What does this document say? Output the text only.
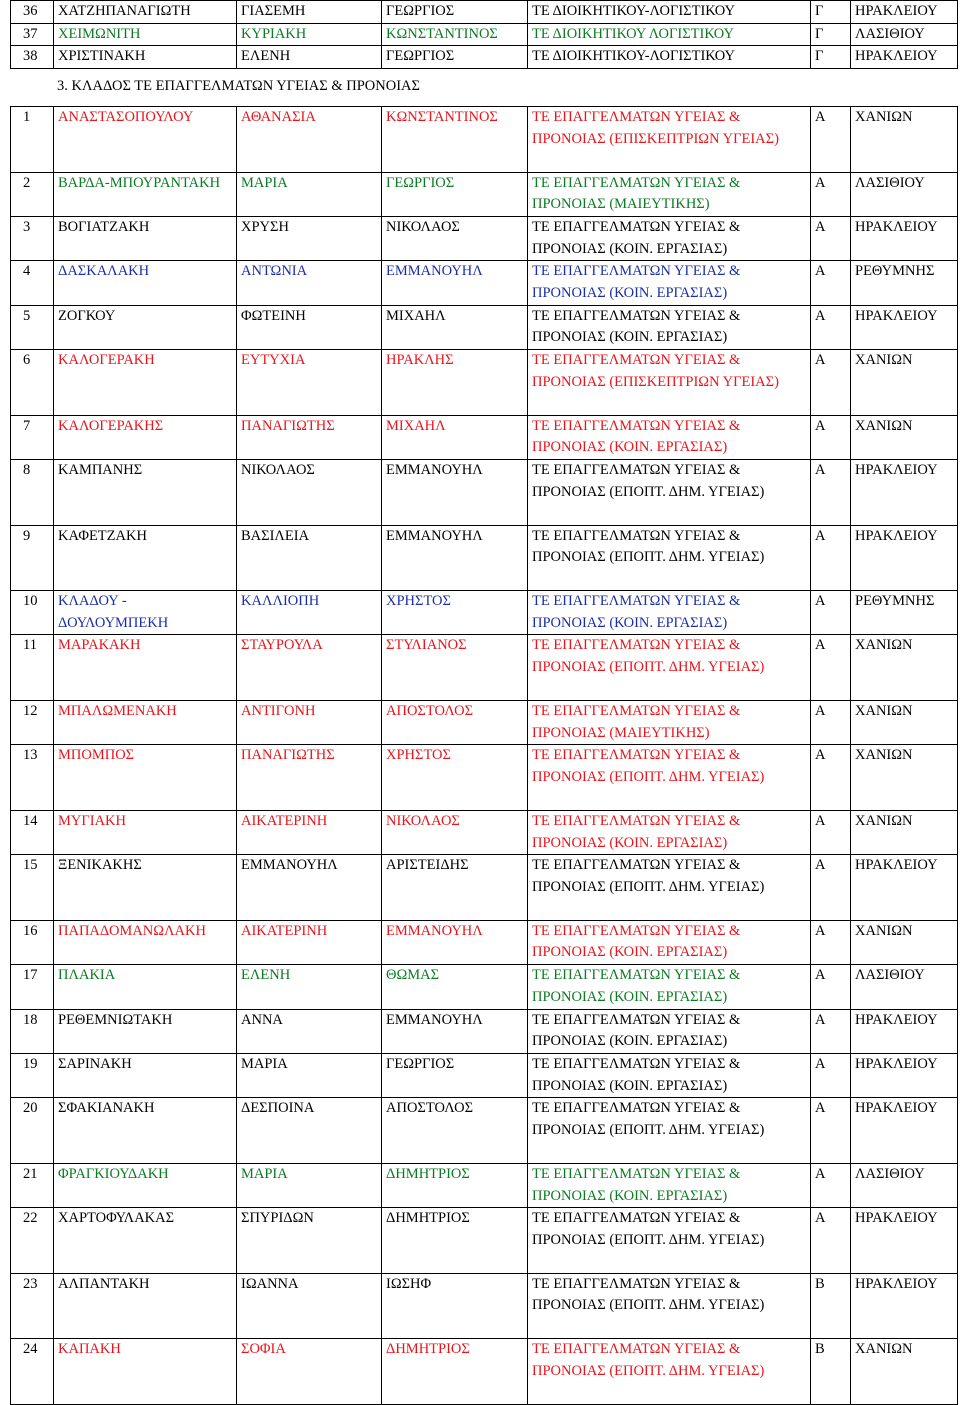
36	ΧΑΤΖΗΠΑΝΑΓΙΩΤΗ	ΓΙΑΣΕΜΗ	ΓΕΩΡΓΙΟΣ	ΤΕ ΔΙΟΙΚΗΤΙΚΟΥ-ΛΟΓΙΣΤΙΚΟΥ	Γ	ΗΡΑΚΛΕΙΟΥ
37	ΧΕΙΜΩΝΙΤΗ	ΚΥΡΙΑΚΗ	ΚΩΝΣΤΑΝΤΙΝΟΣ	ΤΕ ΔΙΟΙΚΗΤΙΚΟΥ ΛΟΓΙΣΤΙΚΟΥ	Γ	ΛΑΣΙΘΙΟΥ
38	ΧΡΙΣΤΙΝΑΚΗ	ΕΛΕΝΗ	ΓΕΩΡΓΙΟΣ	ΤΕ ΔΙΟΙΚΗΤΙΚΟΥ-ΛΟΓΙΣΤΙΚΟΥ	Γ	ΗΡΑΚΛΕΙΟΥ
3. ΚΛΑΔΟΣ ΤΕ ΕΠΑΓΓΕΛΜΑΤΩΝ ΥΓΕΙΑΣ & ΠΡΟΝΟΙΑΣ
1	ΑΝΑΣΤΑΣΟΠΟΥΛΟΥ	ΑΘΑΝΑΣΙΑ	ΚΩΝΣΤΑΝΤΙΝΟΣ	ΤΕ ΕΠΑΓΓΕΛΜΑΤΩΝ ΥΓΕΙΑΣ & ΠΡΟΝΟΙΑΣ (ΕΠΙΣΚΕΠΤΡΙΩΝ ΥΓΕΙΑΣ)	Α	ΧΑΝΙΩΝ
2	ΒΑΡΔΑ-ΜΠΟΥΡΑΝΤΑΚΗ	ΜΑΡΙΑ	ΓΕΩΡΓΙΟΣ	ΤΕ ΕΠΑΓΓΕΛΜΑΤΩΝ ΥΓΕΙΑΣ & ΠΡΟΝΟΙΑΣ (ΜΑΙΕΥΤΙΚΗΣ)	Α	ΛΑΣΙΘΙΟΥ
3	ΒΟΓΙΑΤΖΑΚΗ	ΧΡΥΣΗ	ΝΙΚΟΛΑΟΣ	ΤΕ ΕΠΑΓΓΕΛΜΑΤΩΝ ΥΓΕΙΑΣ & ΠΡΟΝΟΙΑΣ (ΚΟΙΝ. ΕΡΓΑΣΙΑΣ)	Α	ΗΡΑΚΛΕΙΟΥ
4	ΔΑΣΚΑΛΑΚΗ	ΑΝΤΩΝΙΑ	ΕΜΜΑΝΟΥΗΛ	ΤΕ ΕΠΑΓΓΕΛΜΑΤΩΝ ΥΓΕΙΑΣ & ΠΡΟΝΟΙΑΣ (ΚΟΙΝ. ΕΡΓΑΣΙΑΣ)	Α	ΡΕΘΥΜΝΗΣ
5	ΖΟΓΚΟΥ	ΦΩΤΕΙΝΗ	ΜΙΧΑΗΛ	ΤΕ ΕΠΑΓΓΕΛΜΑΤΩΝ ΥΓΕΙΑΣ & ΠΡΟΝΟΙΑΣ (ΚΟΙΝ. ΕΡΓΑΣΙΑΣ)	Α	ΗΡΑΚΛΕΙΟΥ
6	ΚΑΛΟΓΕΡΑΚΗ	ΕΥΤΥΧΙΑ	ΗΡΑΚΛΗΣ	ΤΕ ΕΠΑΓΓΕΛΜΑΤΩΝ ΥΓΕΙΑΣ & ΠΡΟΝΟΙΑΣ (ΕΠΙΣΚΕΠΤΡΙΩΝ ΥΓΕΙΑΣ)	Α	ΧΑΝΙΩΝ
7	ΚΑΛΟΓΕΡΑΚΗΣ	ΠΑΝΑΓΙΩΤΗΣ	ΜΙΧΑΗΛ	ΤΕ ΕΠΑΓΓΕΛΜΑΤΩΝ ΥΓΕΙΑΣ & ΠΡΟΝΟΙΑΣ (ΚΟΙΝ. ΕΡΓΑΣΙΑΣ)	Α	ΧΑΝΙΩΝ
8	ΚΑΜΠΑΝΗΣ	ΝΙΚΟΛΑΟΣ	ΕΜΜΑΝΟΥΗΛ	ΤΕ ΕΠΑΓΓΕΛΜΑΤΩΝ ΥΓΕΙΑΣ & ΠΡΟΝΟΙΑΣ (ΕΠΟΠΤ. ΔΗΜ. ΥΓΕΙΑΣ)	Α	ΗΡΑΚΛΕΙΟΥ
9	ΚΑΦΕΤΖΑΚΗ	ΒΑΣΙΛΕΙΑ	ΕΜΜΑΝΟΥΗΛ	ΤΕ ΕΠΑΓΓΕΛΜΑΤΩΝ ΥΓΕΙΑΣ & ΠΡΟΝΟΙΑΣ (ΕΠΟΠΤ. ΔΗΜ. ΥΓΕΙΑΣ)	Α	ΗΡΑΚΛΕΙΟΥ
10	ΚΛΑΔΟΥ - ΔΟΥΛΟΥΜΠΕΚΗ	ΚΑΛΛΙΟΠΗ	ΧΡΗΣΤΟΣ	ΤΕ ΕΠΑΓΓΕΛΜΑΤΩΝ ΥΓΕΙΑΣ & ΠΡΟΝΟΙΑΣ (ΚΟΙΝ. ΕΡΓΑΣΙΑΣ)	Α	ΡΕΘΥΜΝΗΣ
11	ΜΑΡΑΚΑΚΗ	ΣΤΑΥΡΟΥΛΑ	ΣΤΥΛΙΑΝΟΣ	ΤΕ ΕΠΑΓΓΕΛΜΑΤΩΝ ΥΓΕΙΑΣ & ΠΡΟΝΟΙΑΣ (ΕΠΟΠΤ. ΔΗΜ. ΥΓΕΙΑΣ)	Α	ΧΑΝΙΩΝ
12	ΜΠΑΛΩΜΕΝΑΚΗ	ΑΝΤΙΓΟΝΗ	ΑΠΟΣΤΟΛΟΣ	ΤΕ ΕΠΑΓΓΕΛΜΑΤΩΝ ΥΓΕΙΑΣ & ΠΡΟΝΟΙΑΣ (ΜΑΙΕΥΤΙΚΗΣ)	Α	ΧΑΝΙΩΝ
13	ΜΠΟΜΠΟΣ	ΠΑΝΑΓΙΩΤΗΣ	ΧΡΗΣΤΟΣ	ΤΕ ΕΠΑΓΓΕΛΜΑΤΩΝ ΥΓΕΙΑΣ & ΠΡΟΝΟΙΑΣ (ΕΠΟΠΤ. ΔΗΜ. ΥΓΕΙΑΣ)	Α	ΧΑΝΙΩΝ
14	ΜΥΓΙΑΚΗ	ΑΙΚΑΤΕΡΙΝΗ	ΝΙΚΟΛΑΟΣ	ΤΕ ΕΠΑΓΓΕΛΜΑΤΩΝ ΥΓΕΙΑΣ & ΠΡΟΝΟΙΑΣ (ΚΟΙΝ. ΕΡΓΑΣΙΑΣ)	Α	ΧΑΝΙΩΝ
15	ΞΕΝΙΚΑΚΗΣ	ΕΜΜΑΝΟΥΗΛ	ΑΡΙΣΤΕΙΔΗΣ	ΤΕ ΕΠΑΓΓΕΛΜΑΤΩΝ ΥΓΕΙΑΣ & ΠΡΟΝΟΙΑΣ (ΕΠΟΠΤ. ΔΗΜ. ΥΓΕΙΑΣ)	Α	ΗΡΑΚΛΕΙΟΥ
16	ΠΑΠΑΔΟΜΑΝΩΛΑΚΗ	ΑΙΚΑΤΕΡΙΝΗ	ΕΜΜΑΝΟΥΗΛ	ΤΕ ΕΠΑΓΓΕΛΜΑΤΩΝ ΥΓΕΙΑΣ & ΠΡΟΝΟΙΑΣ (ΚΟΙΝ. ΕΡΓΑΣΙΑΣ)	Α	ΧΑΝΙΩΝ
17	ΠΛΑΚΙΑ	ΕΛΕΝΗ	ΘΩΜΑΣ	ΤΕ ΕΠΑΓΓΕΛΜΑΤΩΝ ΥΓΕΙΑΣ & ΠΡΟΝΟΙΑΣ (ΚΟΙΝ. ΕΡΓΑΣΙΑΣ)	Α	ΛΑΣΙΘΙΟΥ
18	ΡΕΘΕΜΝΙΩΤΑΚΗ	ΑΝΝΑ	ΕΜΜΑΝΟΥΗΛ	ΤΕ ΕΠΑΓΓΕΛΜΑΤΩΝ ΥΓΕΙΑΣ & ΠΡΟΝΟΙΑΣ (ΚΟΙΝ. ΕΡΓΑΣΙΑΣ)	Α	ΗΡΑΚΛΕΙΟΥ
19	ΣΑΡΙΝΑΚΗ	ΜΑΡΙΑ	ΓΕΩΡΓΙΟΣ	ΤΕ ΕΠΑΓΓΕΛΜΑΤΩΝ ΥΓΕΙΑΣ & ΠΡΟΝΟΙΑΣ (ΚΟΙΝ. ΕΡΓΑΣΙΑΣ)	Α	ΗΡΑΚΛΕΙΟΥ
20	ΣΦΑΚΙΑΝΑΚΗ	ΔΕΣΠΟΙΝΑ	ΑΠΟΣΤΟΛΟΣ	ΤΕ ΕΠΑΓΓΕΛΜΑΤΩΝ ΥΓΕΙΑΣ & ΠΡΟΝΟΙΑΣ (ΕΠΟΠΤ. ΔΗΜ. ΥΓΕΙΑΣ)	Α	ΗΡΑΚΛΕΙΟΥ
21	ΦΡΑΓΚΙΟΥΔΑΚΗ	ΜΑΡΙΑ	ΔΗΜΗΤΡΙΟΣ	ΤΕ ΕΠΑΓΓΕΛΜΑΤΩΝ ΥΓΕΙΑΣ & ΠΡΟΝΟΙΑΣ (ΚΟΙΝ. ΕΡΓΑΣΙΑΣ)	Α	ΛΑΣΙΘΙΟΥ
22	ΧΑΡΤΟΦΥΛΑΚΑΣ	ΣΠΥΡΙΔΩΝ	ΔΗΜΗΤΡΙΟΣ	ΤΕ ΕΠΑΓΓΕΛΜΑΤΩΝ ΥΓΕΙΑΣ & ΠΡΟΝΟΙΑΣ (ΕΠΟΠΤ. ΔΗΜ. ΥΓΕΙΑΣ)	Α	ΗΡΑΚΛΕΙΟΥ
23	ΑΛΠΑΝΤΑΚΗ	ΙΩΑΝΝΑ	ΙΩΣΗΦ	ΤΕ ΕΠΑΓΓΕΛΜΑΤΩΝ ΥΓΕΙΑΣ & ΠΡΟΝΟΙΑΣ (ΕΠΟΠΤ. ΔΗΜ. ΥΓΕΙΑΣ)	Β	ΗΡΑΚΛΕΙΟΥ
24	ΚΑΠΑΚΗ	ΣΟΦΙΑ	ΔΗΜΗΤΡΙΟΣ	ΤΕ ΕΠΑΓΓΕΛΜΑΤΩΝ ΥΓΕΙΑΣ & ΠΡΟΝΟΙΑΣ (ΕΠΟΠΤ. ΔΗΜ. ΥΓΕΙΑΣ)	Β	ΧΑΝΙΩΝ
